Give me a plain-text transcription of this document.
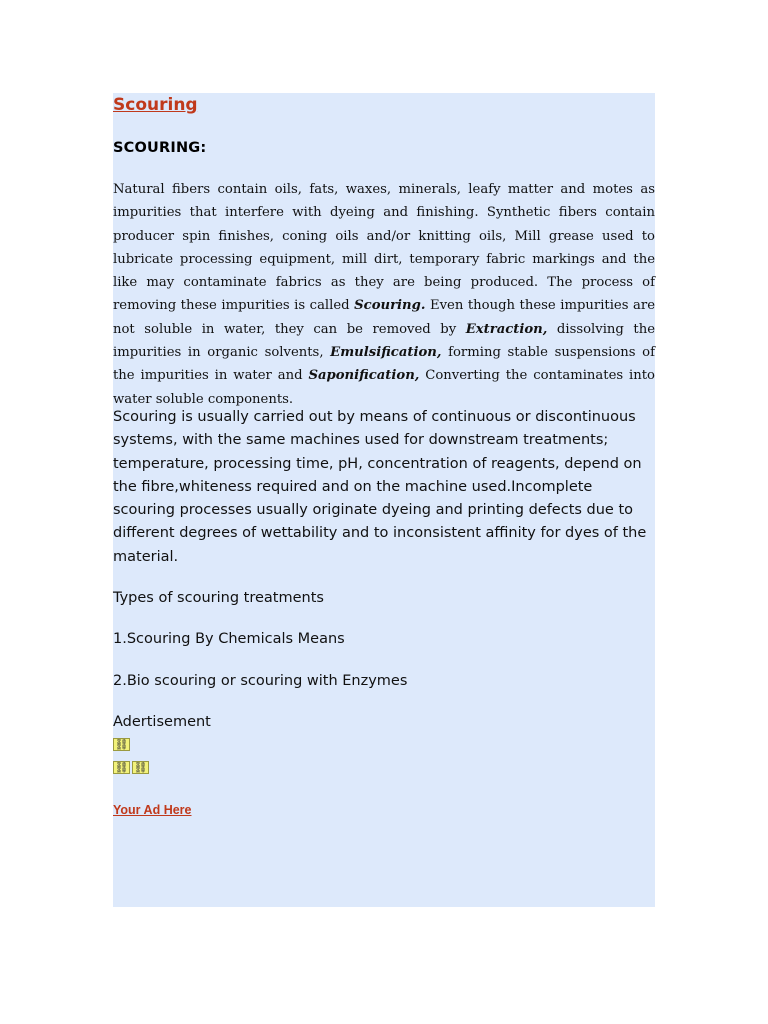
Scouring
SCOURING:

Natural fibers contain oils, fats, waxes, minerals, leafy matter and motes as impurities that interfere with dyeing and finishing. Synthetic fibers contain producer spin finishes, coning oils and/or knitting oils, Mill grease used to lubricate processing equipment, mill dirt, temporary fabric markings and the like may contaminate fabrics as they are being produced. The process of removing these impurities is called Scouring. Even though these impurities are not soluble in water, they can be removed by Extraction, dissolving the impurities in organic solvents, Emulsification, forming stable suspensions of the impurities in water and Saponification, Converting the contaminates into water soluble components.

Scouring is usually carried out by means of continuous or discontinuous systems, with the same machines used for downstream treatments; temperature, processing time, pH, concentration of reagents, depend on the fibre,whiteness required and on the machine used.Incomplete scouring processes usually originate dyeing and printing defects due to different degrees of wettability and to inconsistent affinity for dyes of the material.

Types of scouring treatments

1.Scouring By Chemicals Means

2.Bio scouring or scouring with Enzymes

Adertisement

⛓
⛓ ⛓
Your Ad Here
